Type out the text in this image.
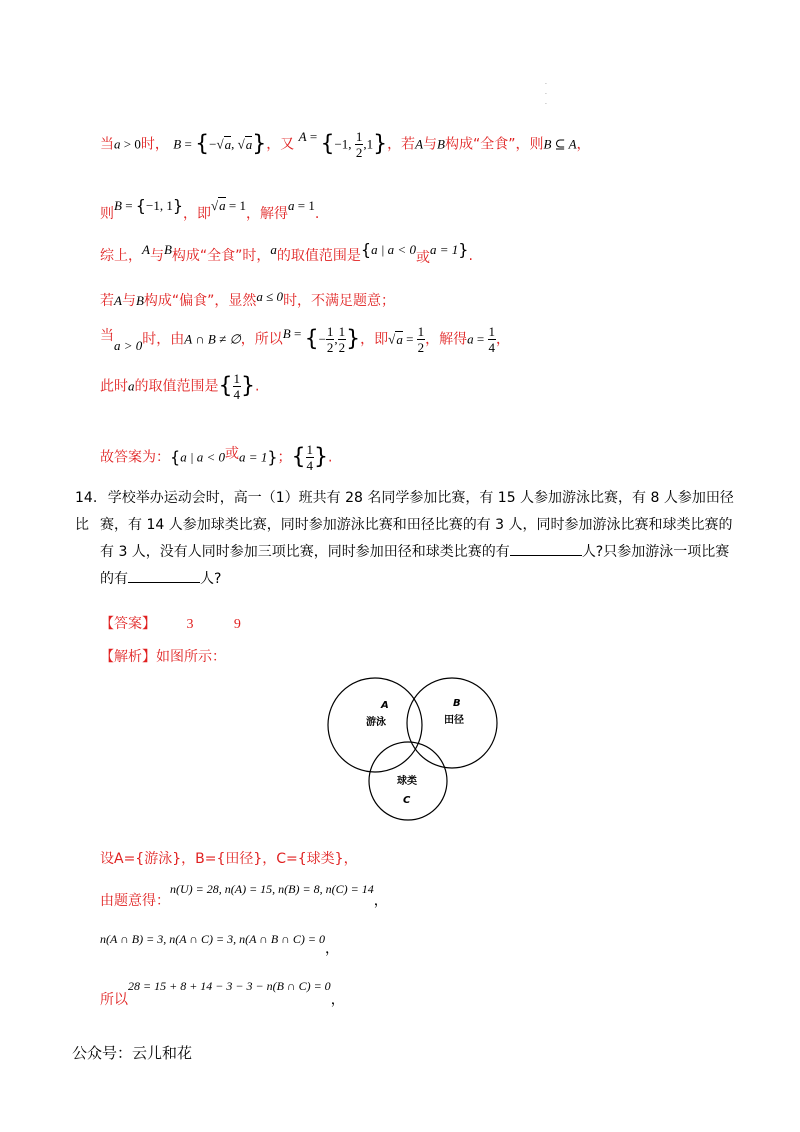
·
·
·
当a > 0时， B = {−√a, √a}，又 A = {−1, $\frac{1}{2} ,1$}，若A与B构成“全食”，则B ⊆ A，
则B = {−1, 1}，即√a = 1，解得a = 1.
综上，A与B构成“全食”时，a的取值范围是{a | a < 0或a = 1}.
若A与B构成“偏食”，显然a ≤ 0时，不满足题意；
当a > 0时，由A ∩ B ≠ ∅，所以B = {− $\frac{1}{2}$ , $\frac{1}{2}$ }，即$√a = \frac{1}{2}$ ，解得$a = \frac{1}{4}$ ，
此时a的取值范围是{ $\frac{1}{4}$ }.
故答案为：{a | a < 0或a = 1}；{ $\frac{1}{4}$ }.
14. 学校举办运动会时，高一（1）班共有 28 名同学参加比赛，有 15 人参加游泳比赛，有 8 人参加田径比 赛，有 14 人参加球类比赛，同时参加游泳比赛和田径比赛的有 3 人，同时参加游泳比赛和球类比赛的
有 3 人，没有人同时参加三项比赛，同时参加田径和球类比赛的有	人?只参加游泳一项比赛
的有	人?
【答案】 3	9
【解析】如图所示：
A
游泳
B
田径
球类
C
设A={游泳}，B={田径}，C={球类}，
由题意得：n(U) = 28, n(A) = 15, n(B) = 8, n(C) = 14，
n(A ∩ B) = 3, n(A ∩ C) = 3, n(A ∩ B ∩ C) = 0，
所以28 = 15 + 8 + 14 − 3 − 3 − n(B ∩ C) = 0，
公众号：云儿和花
